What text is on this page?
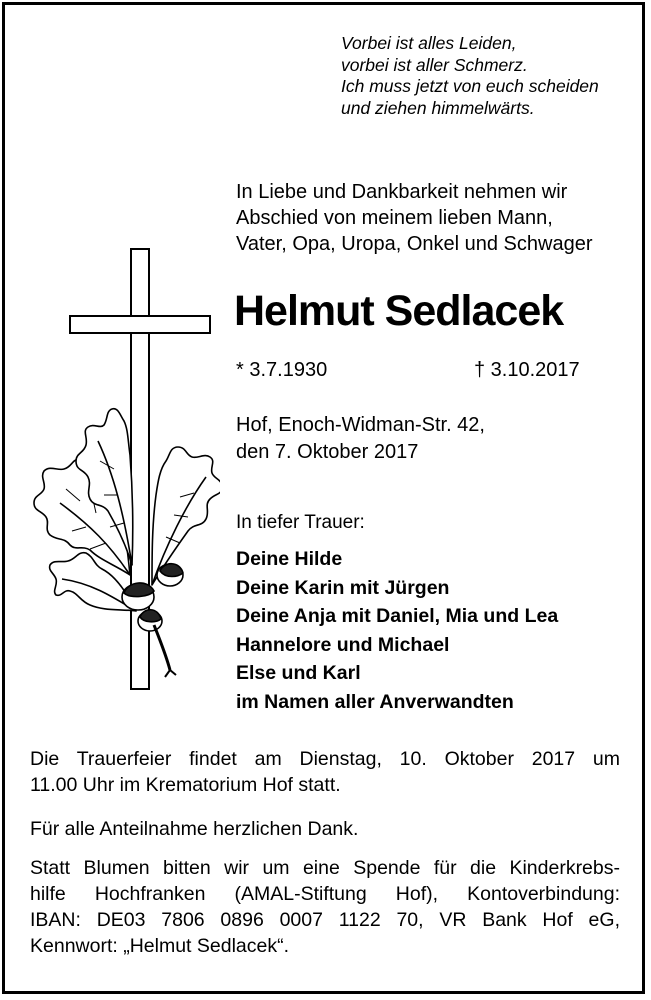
Vorbei ist alles Leiden,
vorbei ist aller Schmerz.
Ich muss jetzt von euch scheiden
und ziehen himmelwärts.
In Liebe und Dankbarkeit nehmen wir
Abschied von meinem lieben Mann,
Vater, Opa, Uropa, Onkel und Schwager
Helmut Sedlacek
* 3.7.1930	† 3.10.2017
Hof, Enoch-Widman-Str. 42,
den 7. Oktober 2017
In tiefer Trauer:
Deine Hilde
Deine Karin mit Jürgen
Deine Anja mit Daniel, Mia und Lea
Hannelore und Michael
Else und Karl
im Namen aller Anverwandten
Die Trauerfeier findet am Dienstag, 10. Oktober 2017 um
11.00 Uhr im Krematorium Hof statt.
Für alle Anteilnahme herzlichen Dank.
Statt Blumen bitten wir um eine Spende für die Kinderkrebs-
hilfe Hochfranken (AMAL-Stiftung Hof), Kontoverbindung:
IBAN: DE03 7806 0896 0007 1122 70, VR Bank Hof eG,
Kennwort: „Helmut Sedlacek“.
